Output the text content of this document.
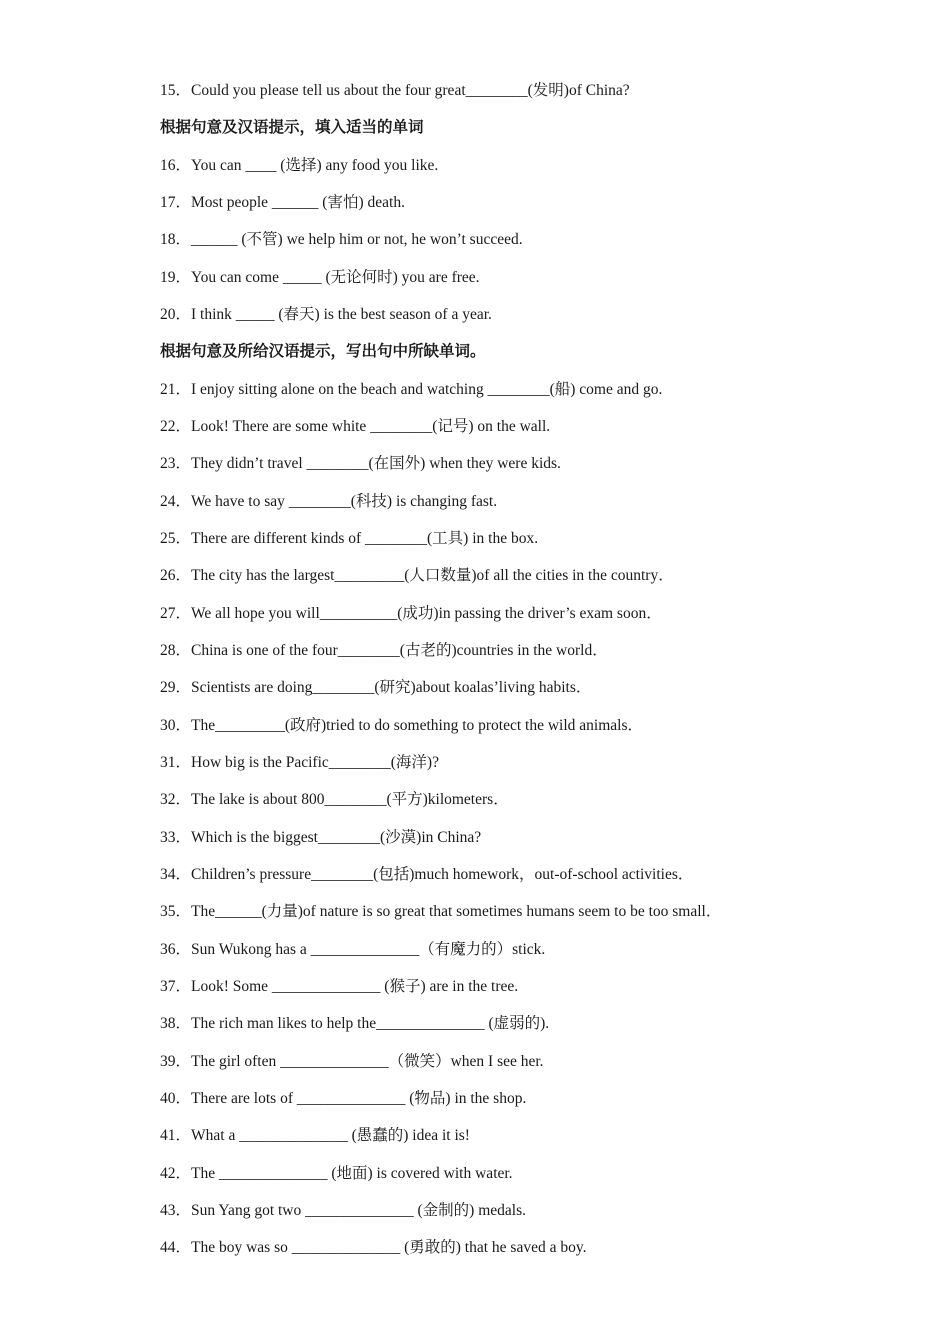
15．Could you please tell us about the four great________(发明)of China?
根据句意及汉语提示，填入适当的单词
16．You can ____ (选择) any food you like.
17．Most people ______ (害怕) death.
18．______ (不管) we help him or not, he won’t succeed.
19．You can come _____ (无论何时) you are free.
20．I think _____ (春天) is the best season of a year.
根据句意及所给汉语提示，写出句中所缺单词。
21．I enjoy sitting alone on the beach and watching ________(船) come and go.
22．Look! There are some white ________(记号) on the wall.
23．They didn’t travel ________(在国外) when they were kids.
24．We have to say ________(科技) is changing fast.
25．There are different kinds of ________(工具) in the box.
26．The city has the largest_________(人口数量)of all the cities in the country．
27．We all hope you will__________(成功)in passing the driver’s exam soon．
28．China is one of the four________(古老的)countries in the world．
29．Scientists are doing________(研究)about koalas’living habits．
30．The_________(政府)tried to do something to protect the wild animals．
31．How big is the Pacific________(海洋)?
32．The lake is about 800________(平方)kilometers．
33．Which is the biggest________(沙漠)in China?
34．Children’s pressure________(包括)much homework，out-of-school activities．
35．The______(力量)of nature is so great that sometimes humans seem to be too small．
36．Sun Wukong has a ______________（有魔力的）stick.
37．Look! Some ______________ (猴子) are in the tree.
38．The rich man likes to help the______________ (虚弱的).
39．The girl often ______________（微笑）when I see her.
40．There are lots of ______________ (物品) in the shop.
41．What a ______________ (愚蠢的) idea it is!
42．The ______________ (地面) is covered with water.
43．Sun Yang got two ______________ (金制的) medals.
44．The boy was so ______________ (勇敢的) that he saved a boy.
